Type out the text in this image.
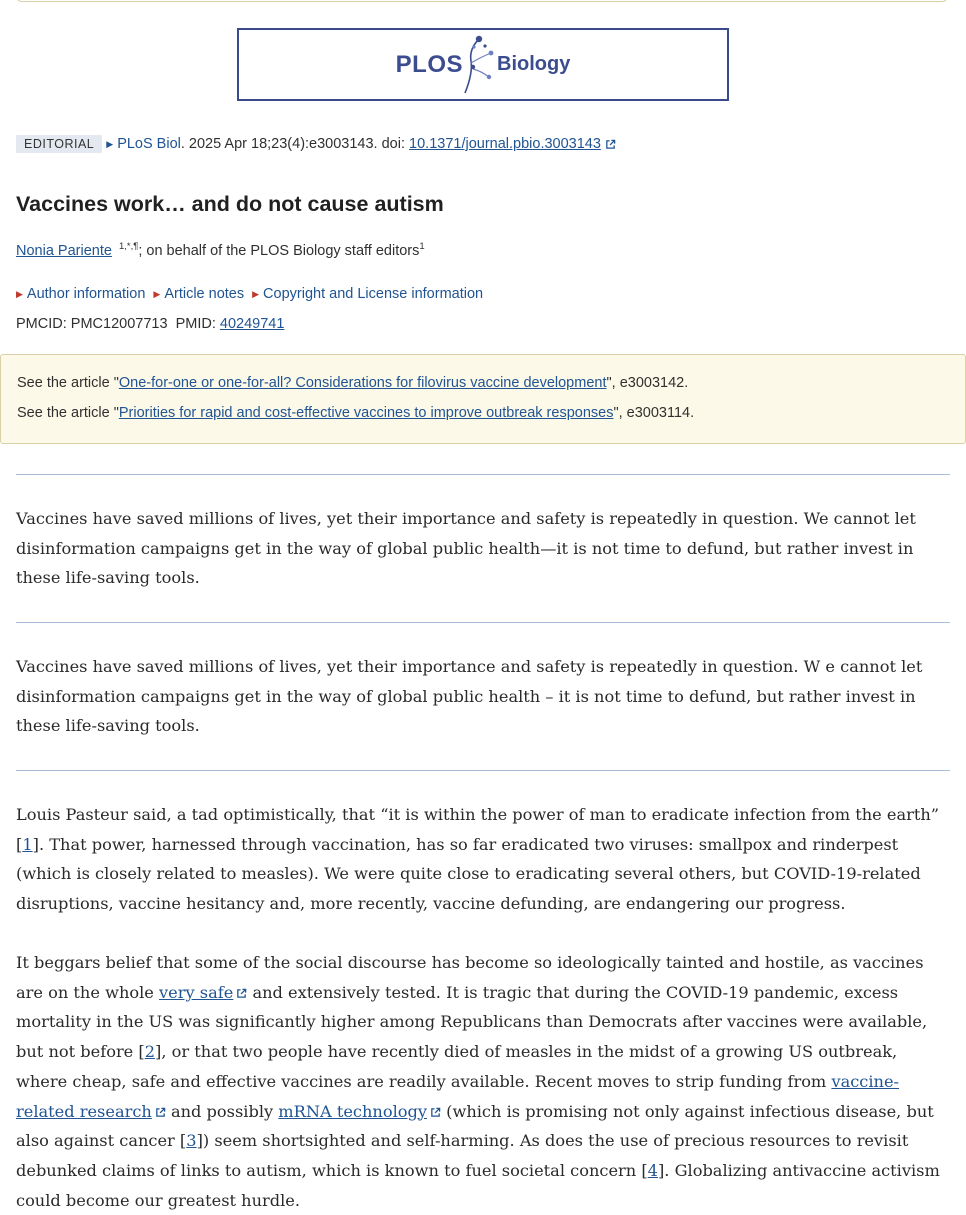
PLOS Biology
EDITORIAL	▶ PLoS Biol . 2025 Apr 18;23(4):e3003143. doi: 10.1371/journal.pbio.3003143
Vaccines work… and do not cause autism
Nonia Pariente $^{1,*,\P}$; on behalf of the PLOS Biology staff editors$^1$
▶ Author information ▶ Article notes ▶ Copyright and License information
PMCID: PMC12007713 PMID: 40249741
See the article "One-for-one or one-for-all? Considerations for filovirus vaccine development", e3003142.
See the article "Priorities for rapid and cost-effective vaccines to improve outbreak responses", e3003114.

Vaccines have saved millions of lives, yet their importance and safety is repeatedly in question. We cannot let disinformation campaigns get in the way of global public health—it is not time to defund, but rather invest in these life-saving tools.

Vaccines have saved millions of lives, yet their importance and safety is repeatedly in question. W e cannot let disinformation campaigns get in the way of global public health – it is not time to defund, but rather invest in these life-saving tools.

Louis Pasteur said, a tad optimistically, that “it is within the power of man to eradicate infection from the earth” [1]. That power, harnessed through vaccination, has so far eradicated two viruses: smallpox and rinderpest (which is closely related to measles). We were quite close to eradicating several others, but COVID-19-related disruptions, vaccine hesitancy and, more recently, vaccine defunding, are endangering our progress.

It beggars belief that some of the social discourse has become so ideologically tainted and hostile, as vaccines are on the whole very safe and extensively tested. It is tragic that during the COVID-19 pandemic, excess mortality in the US was significantly higher among Republicans than Democrats after vaccines were available, but not before [2], or that two people have recently died of measles in the midst of a growing US outbreak, where cheap, safe and effective vaccines are readily available. Recent moves to strip funding from vaccine-related research and possibly mRNA technology (which is promising not only against infectious disease, but also against cancer [3]) seem shortsighted and self-harming. As does the use of precious resources to revisit debunked claims of links to autism, which is known to fuel societal concern [4]. Globalizing antivaccine activism could become our greatest hurdle.
